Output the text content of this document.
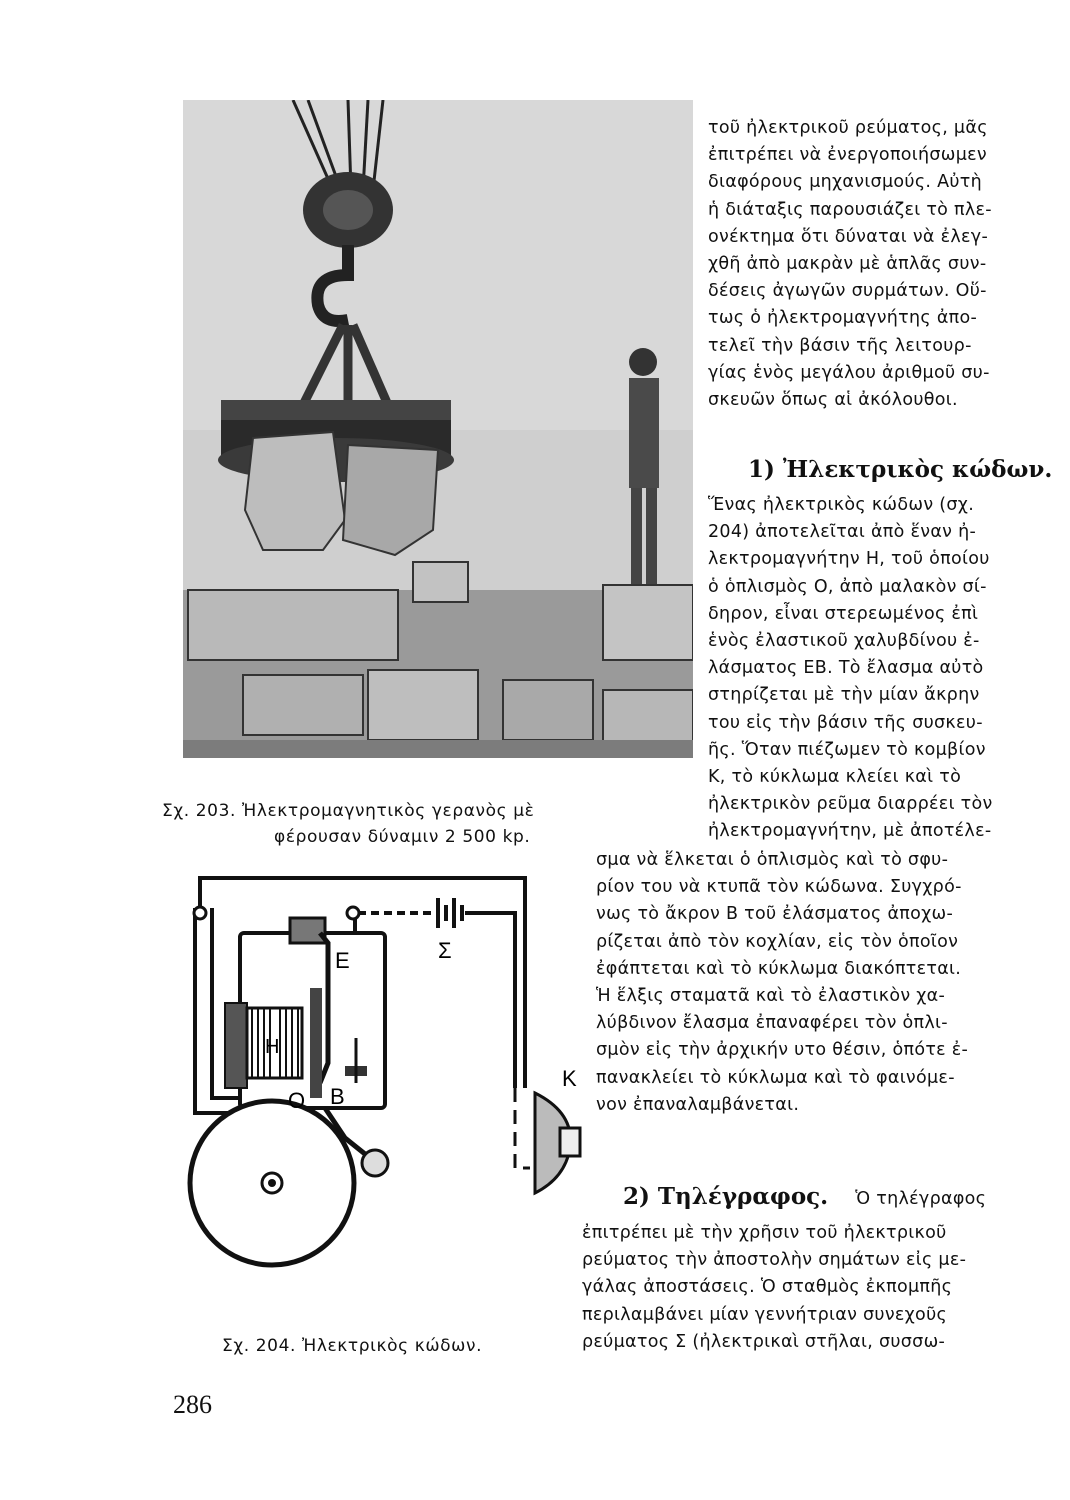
Σχ. 203. Ἠλεκτρομαγνητικὸς γερανὸς μὲ
φέρουσαν δύναμιν 2 500 kp.

τοῦ ἠλεκτρικοῦ ρεύματος, μᾶς

ἐπιτρέπει νὰ ἐνεργοποιήσωμεν

διαφόρους μηχανισμούς. Αὐτὴ

ἡ διάταξις παρουσιάζει τὸ πλε-

ονέκτημα ὅτι δύναται νὰ ἐλεγ-

χθῆ ἀπὸ μακρὰν μὲ ἁπλᾶς συν-

δέσεις ἀγωγῶν συρμάτων. Οὕ-

τως ὁ ἠλεκτρομαγνήτης ἀπο-

τελεῖ τὴν βάσιν τῆς λειτουρ-

γίας ἑνὸς μεγάλου ἀριθμοῦ συ-

σκευῶν ὅπως αἱ ἀκόλουθοι.

1) Ἠλεκτρικὸς κώδων.

Ἕνας ἠλεκτρικὸς κώδων (σχ.

204) ἀποτελεῖται ἀπὸ ἕναν ἠ-

λεκτρομαγνήτην H, τοῦ ὁποίου

ὁ ὁπλισμὸς O, ἀπὸ μαλακὸν σί-

δηρον, εἶναι στερεωμένος ἐπὶ

ἑνὸς ἐλαστικοῦ χαλυβδίνου ἐ-

λάσματος EB. Τὸ ἔλασμα αὐτὸ

στηρίζεται μὲ τὴν μίαν ἄκρην

του εἰς τὴν βάσιν τῆς συσκευ-

ῆς. Ὅταν πιέζωμεν τὸ κομβίον

K, τὸ κύκλωμα κλείει καὶ τὸ

ἠλεκτρικὸν ρεῦμα διαρρέει τὸν

ἠλεκτρομαγνήτην, μὲ ἀποτέλε-

σμα νὰ ἕλκεται ὁ ὁπλισμὸς καὶ τὸ σφυ-

ρίον του νὰ κτυπᾶ τὸν κώδωνα. Συγχρό-

νως τὸ ἄκρον B τοῦ ἐλάσματος ἀποχω-

ρίζεται ἀπὸ τὸν κοχλίαν, εἰς τὸν ὁποῖον

ἐφάπτεται καὶ τὸ κύκλωμα διακόπτεται.

Ἡ ἕλξις σταματᾶ καὶ τὸ ἐλαστικὸν χα-

λύβδινον ἔλασμα ἐπαναφέρει τὸν ὁπλι-

σμὸν εἰς τὴν ἀρχικήν υτο θέσιν, ὁπότε ἐ-

πανακλείει τὸ κύκλωμα καὶ τὸ φαινόμε-

νον ἐπαναλαμβάνεται.

2) Τηλέγραφος. Ὁ τηλέγραφος

ἐπιτρέπει μὲ τὴν χρῆσιν τοῦ ἠλεκτρικοῦ

ρεύματος τὴν ἀποστολὴν σημάτων εἰς με-

γάλας ἀποστάσεις. Ὁ σταθμὸς ἐκπομπῆς

περιλαμβάνει μίαν γεννήτριαν συνεχοῦς

ρεύματος Σ (ἠλεκτρικαὶ στῆλαι, συσσω-

E	Σ
H
O B
K
Σχ. 204. Ἠλεκτρικὸς κώδων.
286
